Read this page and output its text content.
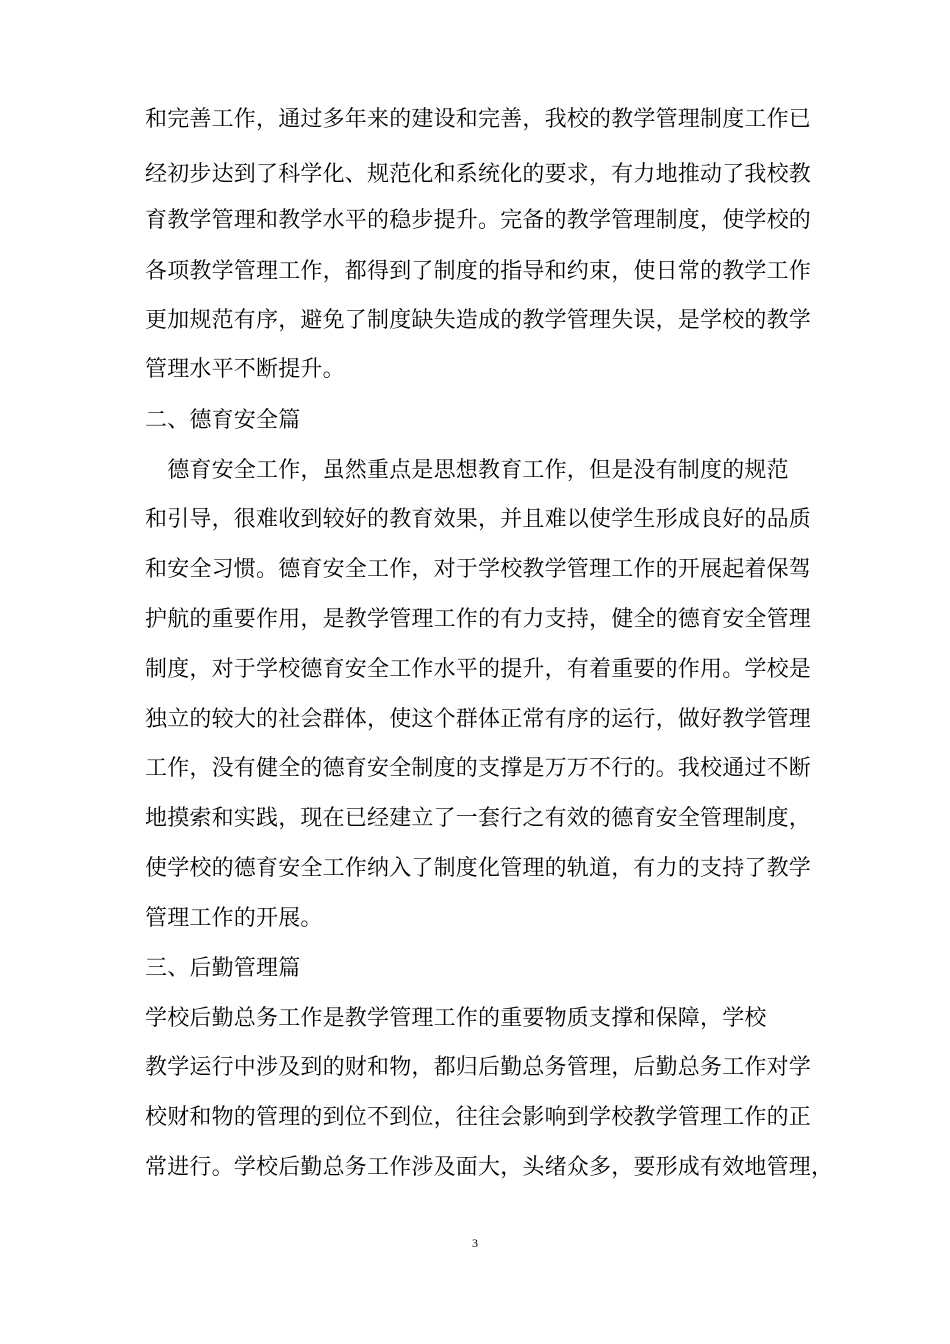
和完善工作，通过多年来的建设和完善，我校的教学管理制度工作已
经初步达到了科学化、规范化和系统化的要求，有力地推动了我校教
育教学管理和教学水平的稳步提升。完备的教学管理制度，使学校的
各项教学管理工作，都得到了制度的指导和约束，使日常的教学工作
更加规范有序，避免了制度缺失造成的教学管理失误，是学校的教学
管理水平不断提升。
二、德育安全篇
　德育安全工作，虽然重点是思想教育工作，但是没有制度的规范
和引导，很难收到较好的教育效果，并且难以使学生形成良好的品质
和安全习惯。德育安全工作，对于学校教学管理工作的开展起着保驾
护航的重要作用，是教学管理工作的有力支持，健全的德育安全管理
制度，对于学校德育安全工作水平的提升，有着重要的作用。学校是
独立的较大的社会群体，使这个群体正常有序的运行，做好教学管理
工作，没有健全的德育安全制度的支撑是万万不行的。我校通过不断
地摸索和实践，现在已经建立了一套行之有效的德育安全管理制度，
使学校的德育安全工作纳入了制度化管理的轨道，有力的支持了教学
管理工作的开展。
三、后勤管理篇
学校后勤总务工作是教学管理工作的重要物质支撑和保障，学校
教学运行中涉及到的财和物，都归后勤总务管理，后勤总务工作对学
校财和物的管理的到位不到位，往往会影响到学校教学管理工作的正
常进行。学校后勤总务工作涉及面大，头绪众多，要形成有效地管理，
3
